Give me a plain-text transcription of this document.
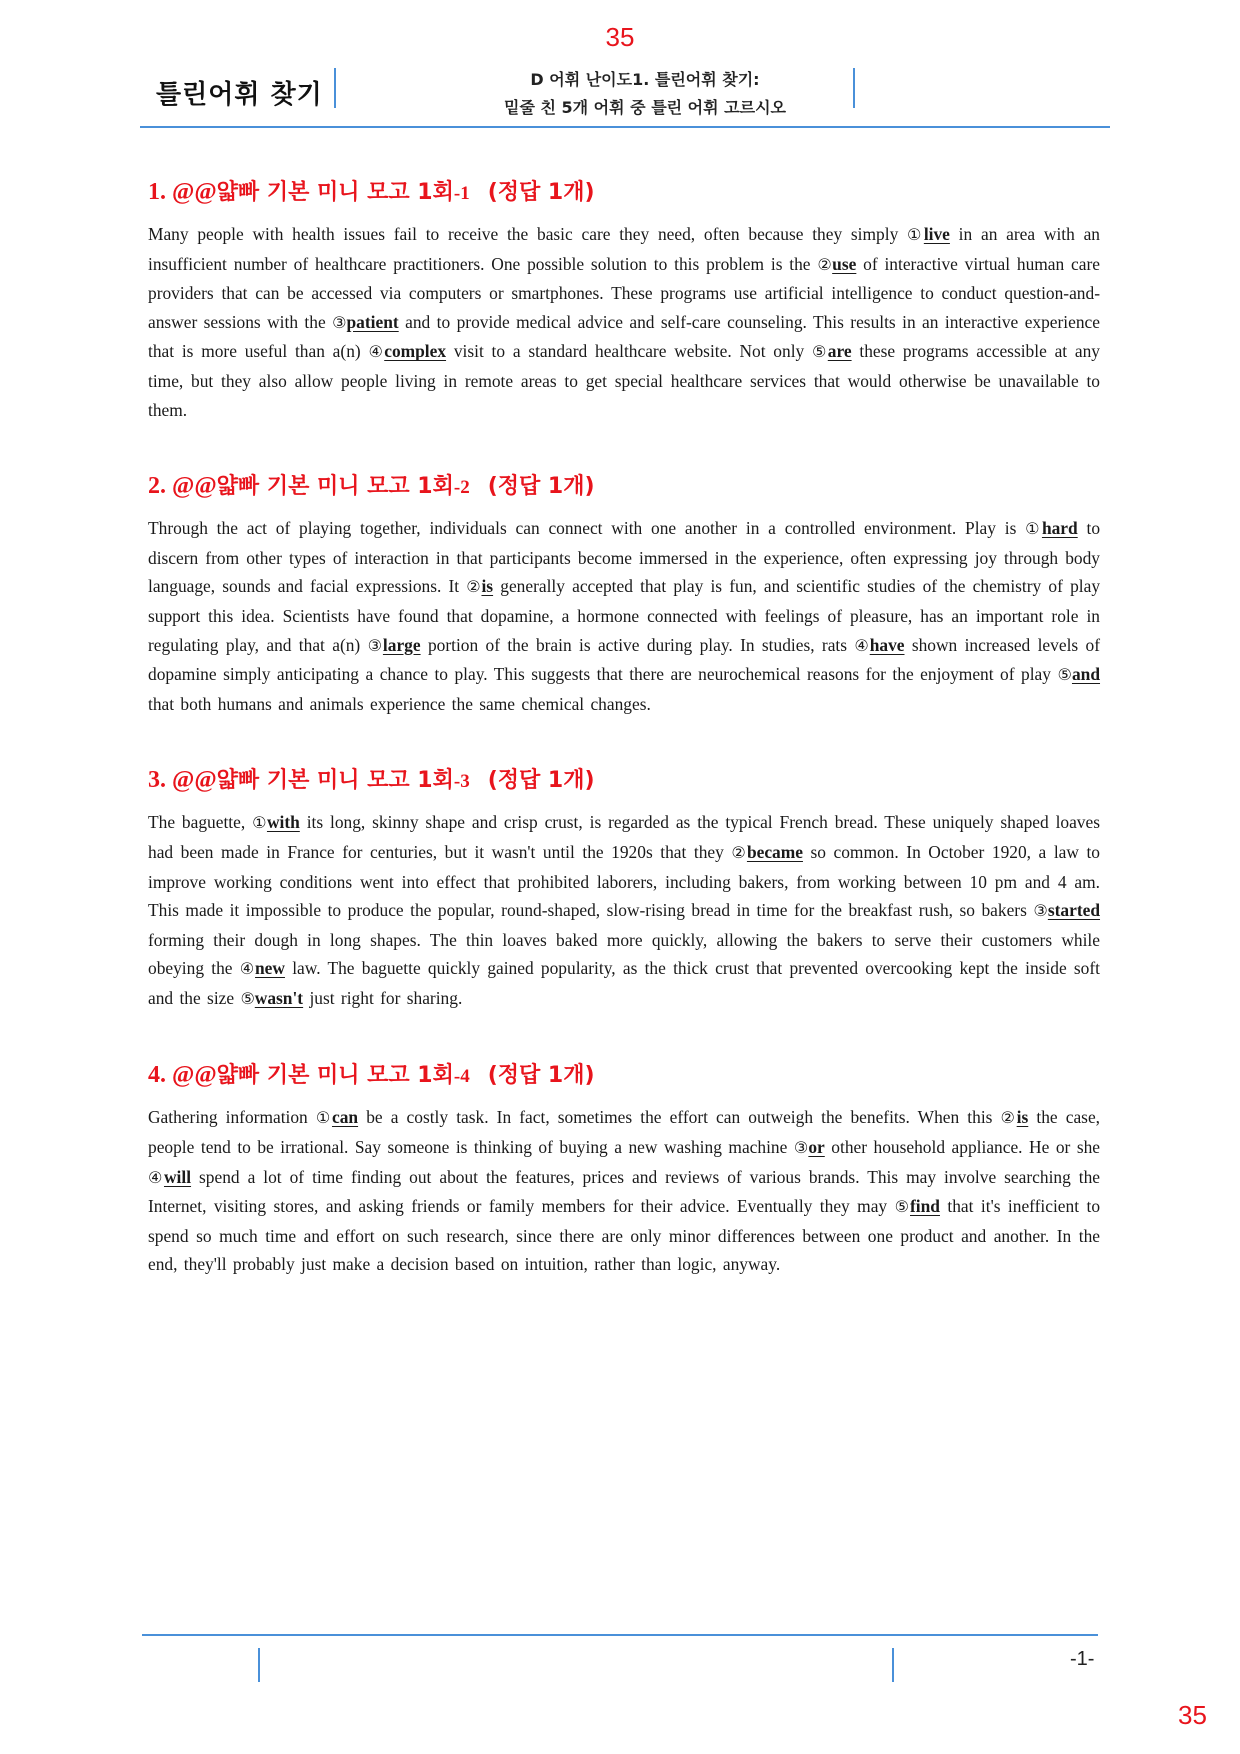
35
틀린어휘 찾기
D 어휘 난이도1. 틀린어휘 찾기:
밑줄 친 5개 어휘 중 틀린 어휘 고르시오
1. @@얇빠 기본 미니 모고 1회-1 (정답 1개)

Many people with health issues fail to receive the basic care they need, often because they simply ①live in an area with an insufficient number of healthcare practitioners. One possible solution to this problem is the ②use of interactive virtual human care providers that can be accessed via computers or smartphones. These programs use artificial intelligence to conduct question-and-answer sessions with the ③patient and to provide medical advice and self-care counseling. This results in an interactive experience that is more useful than a(n) ④complex visit to a standard healthcare website. Not only ⑤are these programs accessible at any time, but they also allow people living in remote areas to get special healthcare services that would otherwise be unavailable to them.

2. @@얇빠 기본 미니 모고 1회-2 (정답 1개)

Through the act of playing together, individuals can connect with one another in a controlled environment. Play is ①hard to discern from other types of interaction in that participants become immersed in the experience, often expressing joy through body language, sounds and facial expressions. It ②is generally accepted that play is fun, and scientific studies of the chemistry of play support this idea. Scientists have found that dopamine, a hormone connected with feelings of pleasure, has an important role in regulating play, and that a(n) ③large portion of the brain is active during play. In studies, rats ④have shown increased levels of dopamine simply anticipating a chance to play. This suggests that there are neurochemical reasons for the enjoyment of play ⑤and that both humans and animals experience the same chemical changes.

3. @@얇빠 기본 미니 모고 1회-3 (정답 1개)

The baguette, ①with its long, skinny shape and crisp crust, is regarded as the typical French bread. These uniquely shaped loaves had been made in France for centuries, but it wasn't until the 1920s that they ②became so common. In October 1920, a law to improve working conditions went into effect that prohibited laborers, including bakers, from working between 10 pm and 4 am. This made it impossible to produce the popular, round-shaped, slow-rising bread in time for the breakfast rush, so bakers ③started forming their dough in long shapes. The thin loaves baked more quickly, allowing the bakers to serve their customers while obeying the ④new law. The baguette quickly gained popularity, as the thick crust that prevented overcooking kept the inside soft and the size ⑤wasn't just right for sharing.

4. @@얇빠 기본 미니 모고 1회-4 (정답 1개)

Gathering information ①can be a costly task. In fact, sometimes the effort can outweigh the benefits. When this ②is the case, people tend to be irrational. Say someone is thinking of buying a new washing machine ③or other household appliance. He or she ④will spend a lot of time finding out about the features, prices and reviews of various brands. This may involve searching the Internet, visiting stores, and asking friends or family members for their advice. Eventually they may ⑤find that it's inefficient to spend so much time and effort on such research, since there are only minor differences between one product and another. In the end, they'll probably just make a decision based on intuition, rather than logic, anyway.

-1-
35
